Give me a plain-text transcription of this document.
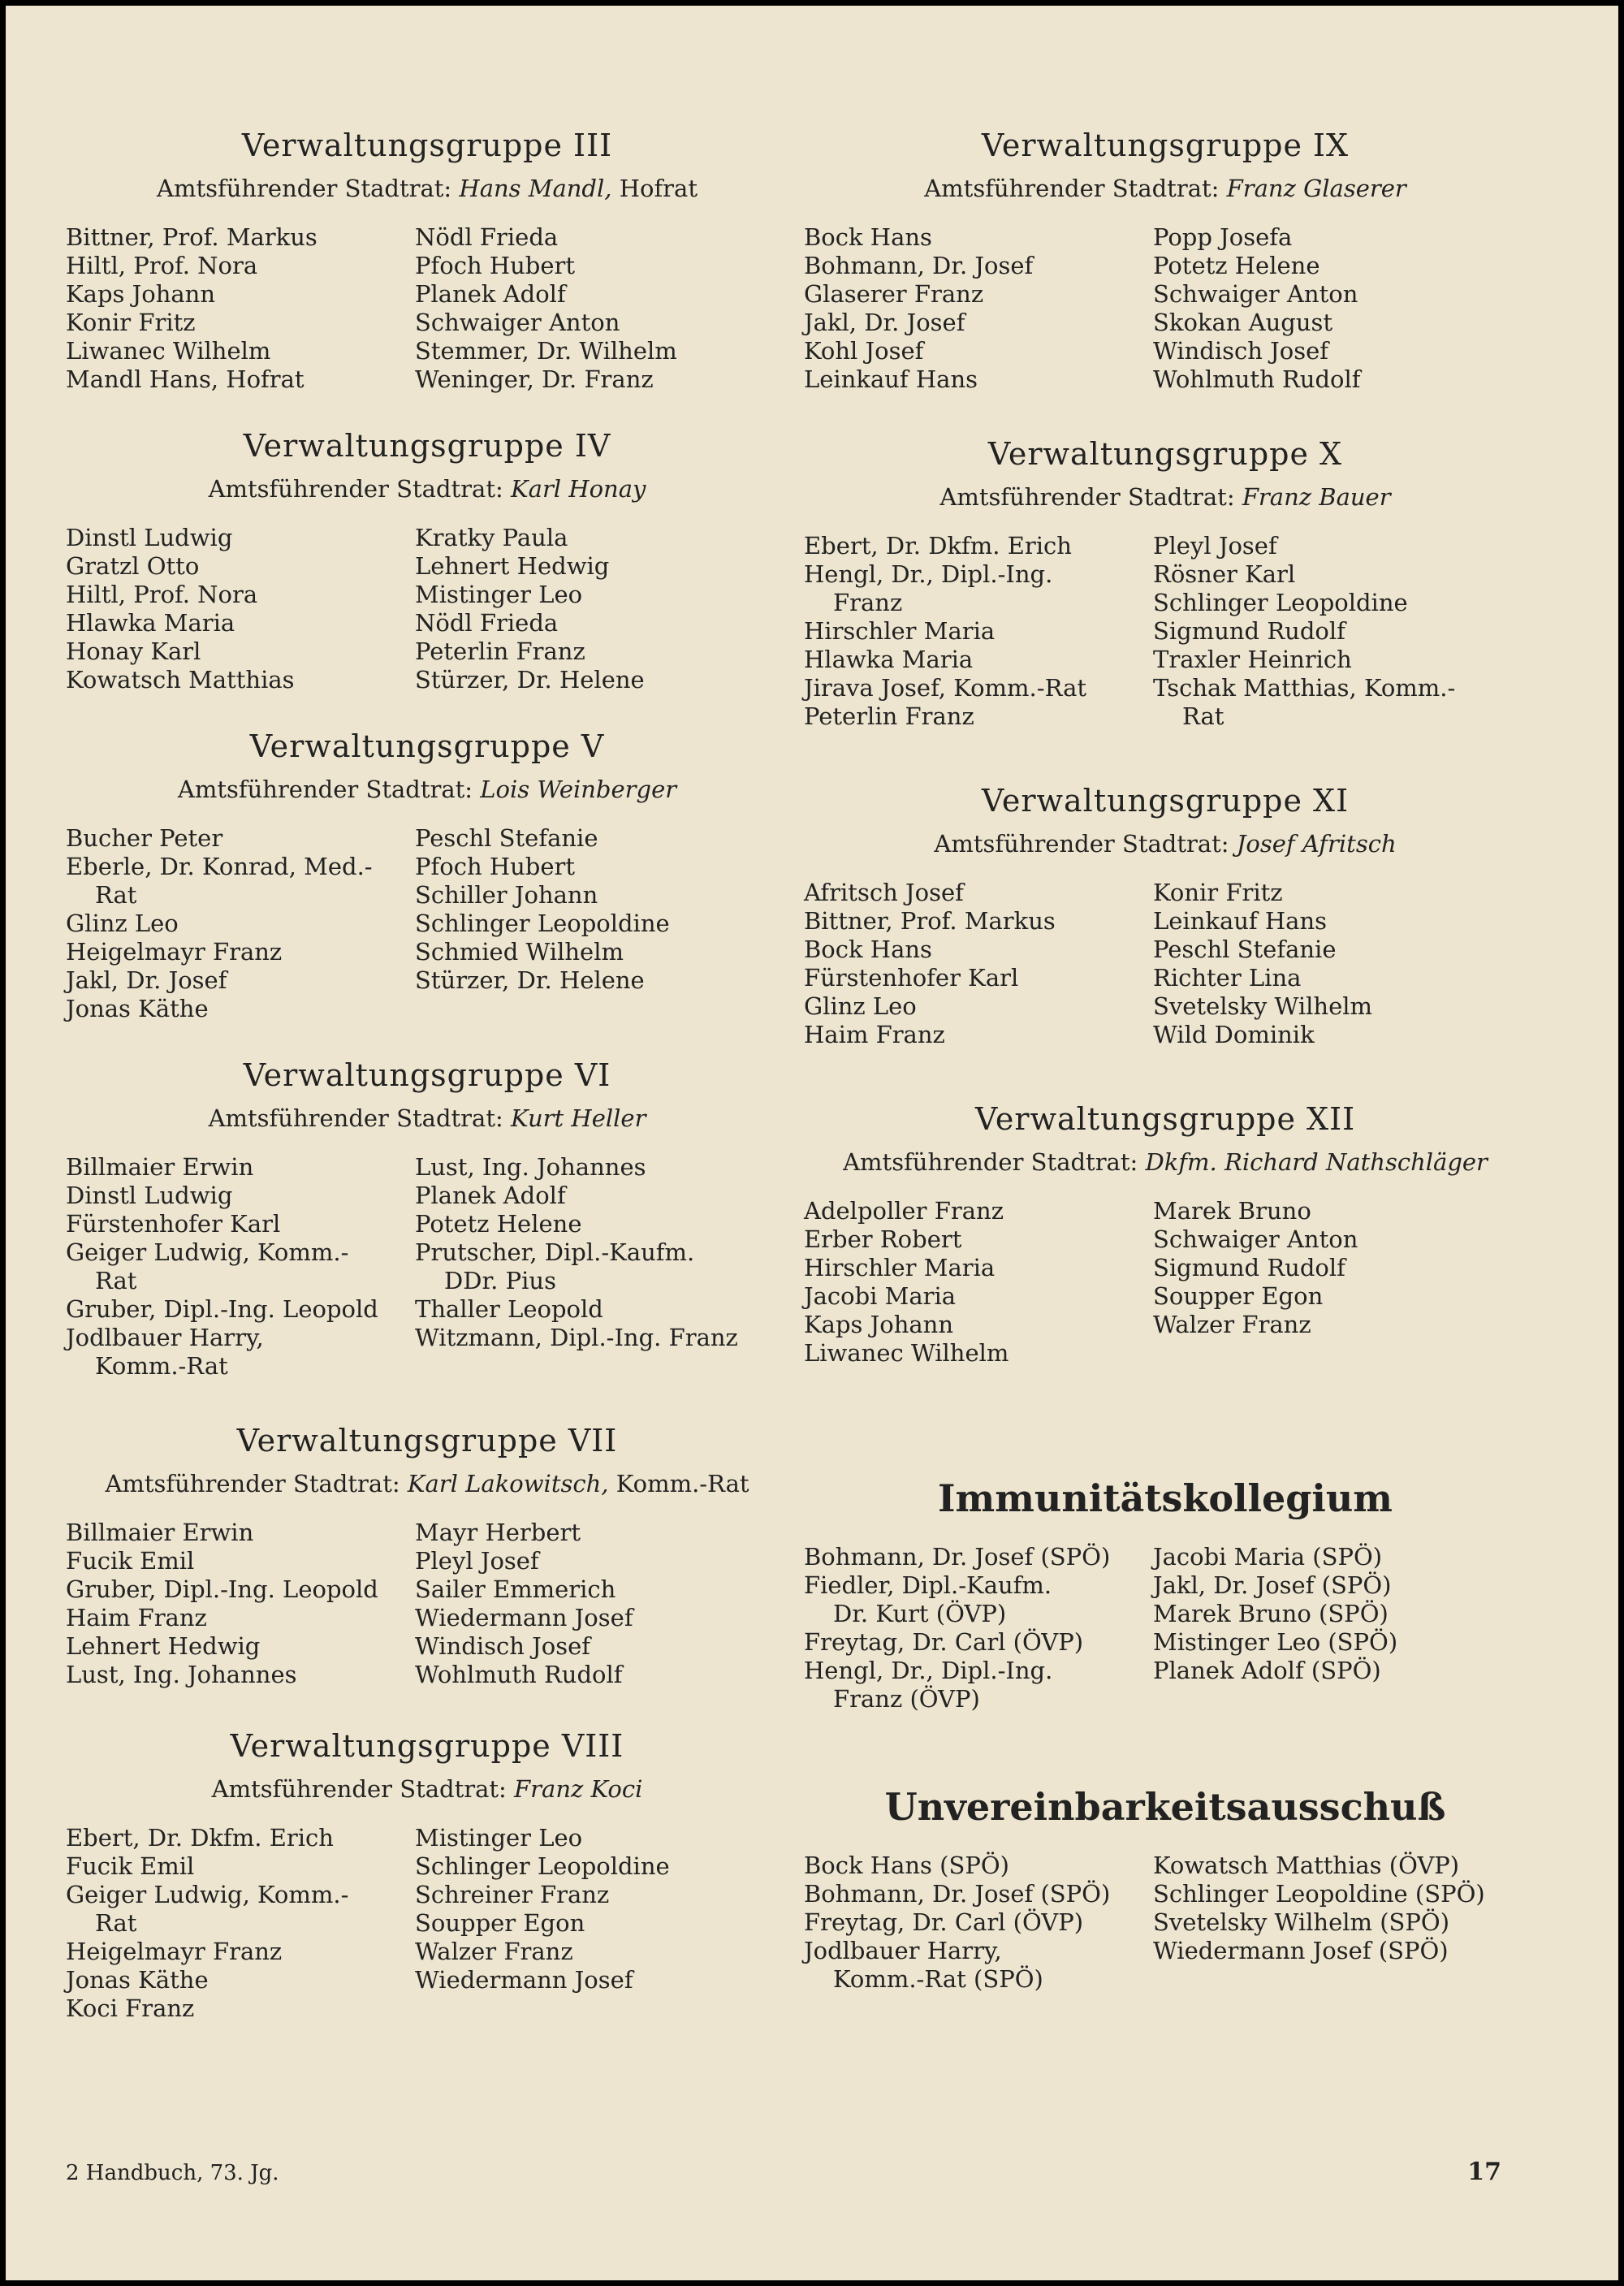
Verwaltungsgruppe III
Amtsführender Stadtrat: Hans Mandl, Hofrat
Bittner, Prof. Markus
Hiltl, Prof. Nora
Kaps Johann
Konir Fritz
Liwanec Wilhelm
Mandl Hans, Hofrat
Nödl Frieda
Pfoch Hubert
Planek Adolf
Schwaiger Anton
Stemmer, Dr. Wilhelm
Weninger, Dr. Franz
Verwaltungsgruppe IV
Amtsführender Stadtrat: Karl Honay
Dinstl Ludwig
Gratzl Otto
Hiltl, Prof. Nora
Hlawka Maria
Honay Karl
Kowatsch Matthias
Kratky Paula
Lehnert Hedwig
Mistinger Leo
Nödl Frieda
Peterlin Franz
Stürzer, Dr. Helene
Verwaltungsgruppe V
Amtsführender Stadtrat: Lois Weinberger
Bucher Peter
Eberle, Dr. Konrad, Med.-
Rat
Glinz Leo
Heigelmayr Franz
Jakl, Dr. Josef
Jonas Käthe
Peschl Stefanie
Pfoch Hubert
Schiller Johann
Schlinger Leopoldine
Schmied Wilhelm
Stürzer, Dr. Helene
Verwaltungsgruppe VI
Amtsführender Stadtrat: Kurt Heller
Billmaier Erwin
Dinstl Ludwig
Fürstenhofer Karl
Geiger Ludwig, Komm.-
Rat
Gruber, Dipl.-Ing. Leopold
Jodlbauer Harry,
Komm.-Rat
Lust, Ing. Johannes
Planek Adolf
Potetz Helene
Prutscher, Dipl.-Kaufm.
DDr. Pius
Thaller Leopold
Witzmann, Dipl.-Ing. Franz
Verwaltungsgruppe VII
Amtsführender Stadtrat: Karl Lakowitsch, Komm.-Rat
Billmaier Erwin
Fucik Emil
Gruber, Dipl.-Ing. Leopold
Haim Franz
Lehnert Hedwig
Lust, Ing. Johannes
Mayr Herbert
Pleyl Josef
Sailer Emmerich
Wiedermann Josef
Windisch Josef
Wohlmuth Rudolf
Verwaltungsgruppe VIII
Amtsführender Stadtrat: Franz Koci
Ebert, Dr. Dkfm. Erich
Fucik Emil
Geiger Ludwig, Komm.-
Rat
Heigelmayr Franz
Jonas Käthe
Koci Franz
Mistinger Leo
Schlinger Leopoldine
Schreiner Franz
Soupper Egon
Walzer Franz
Wiedermann Josef
Verwaltungsgruppe IX
Amtsführender Stadtrat: Franz Glaserer
Bock Hans
Bohmann, Dr. Josef
Glaserer Franz
Jakl, Dr. Josef
Kohl Josef
Leinkauf Hans
Popp Josefa
Potetz Helene
Schwaiger Anton
Skokan August
Windisch Josef
Wohlmuth Rudolf
Verwaltungsgruppe X
Amtsführender Stadtrat: Franz Bauer
Ebert, Dr. Dkfm. Erich
Hengl, Dr., Dipl.-Ing.
Franz
Hirschler Maria
Hlawka Maria
Jirava Josef, Komm.-Rat
Peterlin Franz
Pleyl Josef
Rösner Karl
Schlinger Leopoldine
Sigmund Rudolf
Traxler Heinrich
Tschak Matthias, Komm.-
Rat
Verwaltungsgruppe XI
Amtsführender Stadtrat: Josef Afritsch
Afritsch Josef
Bittner, Prof. Markus
Bock Hans
Fürstenhofer Karl
Glinz Leo
Haim Franz
Konir Fritz
Leinkauf Hans
Peschl Stefanie
Richter Lina
Svetelsky Wilhelm
Wild Dominik
Verwaltungsgruppe XII
Amtsführender Stadtrat: Dkfm. Richard Nathschläger
Adelpoller Franz
Erber Robert
Hirschler Maria
Jacobi Maria
Kaps Johann
Liwanec Wilhelm
Marek Bruno
Schwaiger Anton
Sigmund Rudolf
Soupper Egon
Walzer Franz
Immunitätskollegium
Bohmann, Dr. Josef (SPÖ)
Fiedler, Dipl.-Kaufm.
Dr. Kurt (ÖVP)
Freytag, Dr. Carl (ÖVP)
Hengl, Dr., Dipl.-Ing.
Franz (ÖVP)
Jacobi Maria (SPÖ)
Jakl, Dr. Josef (SPÖ)
Marek Bruno (SPÖ)
Mistinger Leo (SPÖ)
Planek Adolf (SPÖ)
Unvereinbarkeitsausschuß
Bock Hans (SPÖ)
Bohmann, Dr. Josef (SPÖ)
Freytag, Dr. Carl (ÖVP)
Jodlbauer Harry,
Komm.-Rat (SPÖ)
Kowatsch Matthias (ÖVP)
Schlinger Leopoldine (SPÖ)
Svetelsky Wilhelm (SPÖ)
Wiedermann Josef (SPÖ)
2 Handbuch, 73. Jg.	17
